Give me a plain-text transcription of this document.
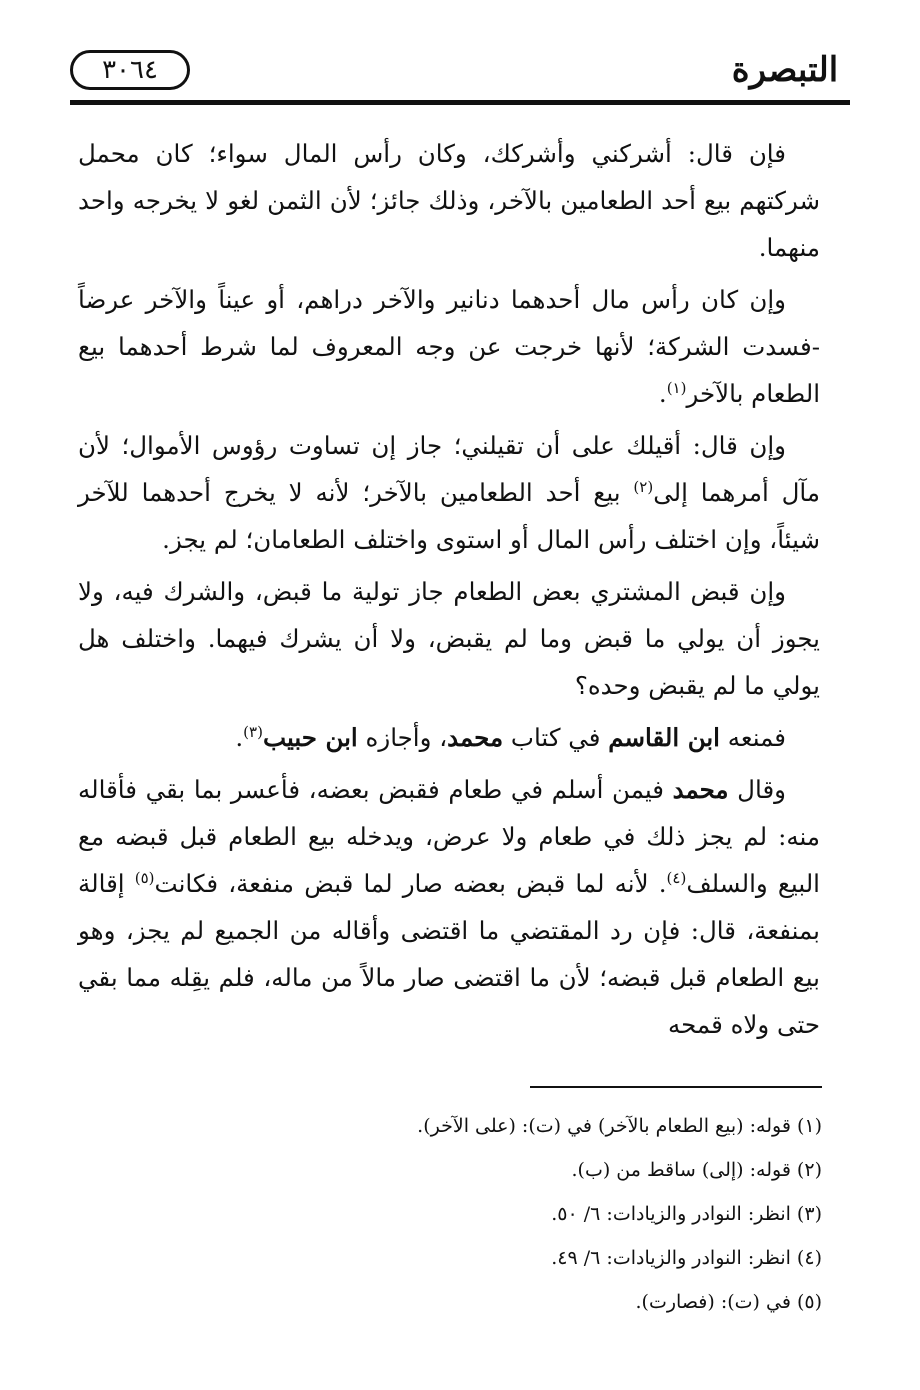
التبصرة
٣٠٦٤

فإن قال: أشركني وأشركك، وكان رأس المال سواء؛ كان محمل شركتهم بيع أحد الطعامين بالآخر، وذلك جائز؛ لأن الثمن لغو لا يخرجه واحد منهما.

وإن كان رأس مال أحدهما دنانير والآخر دراهم، أو عيناً والآخر عرضاً -فسدت الشركة؛ لأنها خرجت عن وجه المعروف لما شرط أحدهما بيع الطعام بالآخر$^{(١)}$.

وإن قال: أقيلك على أن تقيلني؛ جاز إن تساوت رؤوس الأموال؛ لأن مآل أمرهما إلى$^{(٢)}$ بيع أحد الطعامين بالآخر؛ لأنه لا يخرج أحدهما للآخر شيئاً، وإن اختلف رأس المال أو استوى واختلف الطعامان؛ لم يجز.

وإن قبض المشتري بعض الطعام جاز تولية ما قبض، والشرك فيه، ولا يجوز أن يولي ما قبض وما لم يقبض، ولا أن يشرك فيهما. واختلف هل يولي ما لم يقبض وحده؟

فمنعه ابن القاسم في كتاب محمد، وأجازه ابن حبيب$^{(٣)}$.

وقال محمد فيمن أسلم في طعام فقبض بعضه، فأعسر بما بقي فأقاله منه: لم يجز ذلك في طعام ولا عرض، ويدخله بيع الطعام قبل قبضه مع البيع والسلف$^{(٤)}$. لأنه لما قبض بعضه صار لما قبض منفعة، فكانت$^{(٥)}$ إقالة بمنفعة، قال: فإن رد المقتضي ما اقتضى وأقاله من الجميع لم يجز، وهو بيع الطعام قبل قبضه؛ لأن ما اقتضى صار مالاً من ماله، فلم يقِله مما بقي حتى ولاه قمحه

(١) قوله: (بيع الطعام بالآخر) في (ت): (على الآخر).

(٢) قوله: (إلى) ساقط من (ب).

(٣) انظر: النوادر والزيادات: ٦/ ٥٠.

(٤) انظر: النوادر والزيادات: ٦/ ٤٩.

(٥) في (ت): (فصارت).
